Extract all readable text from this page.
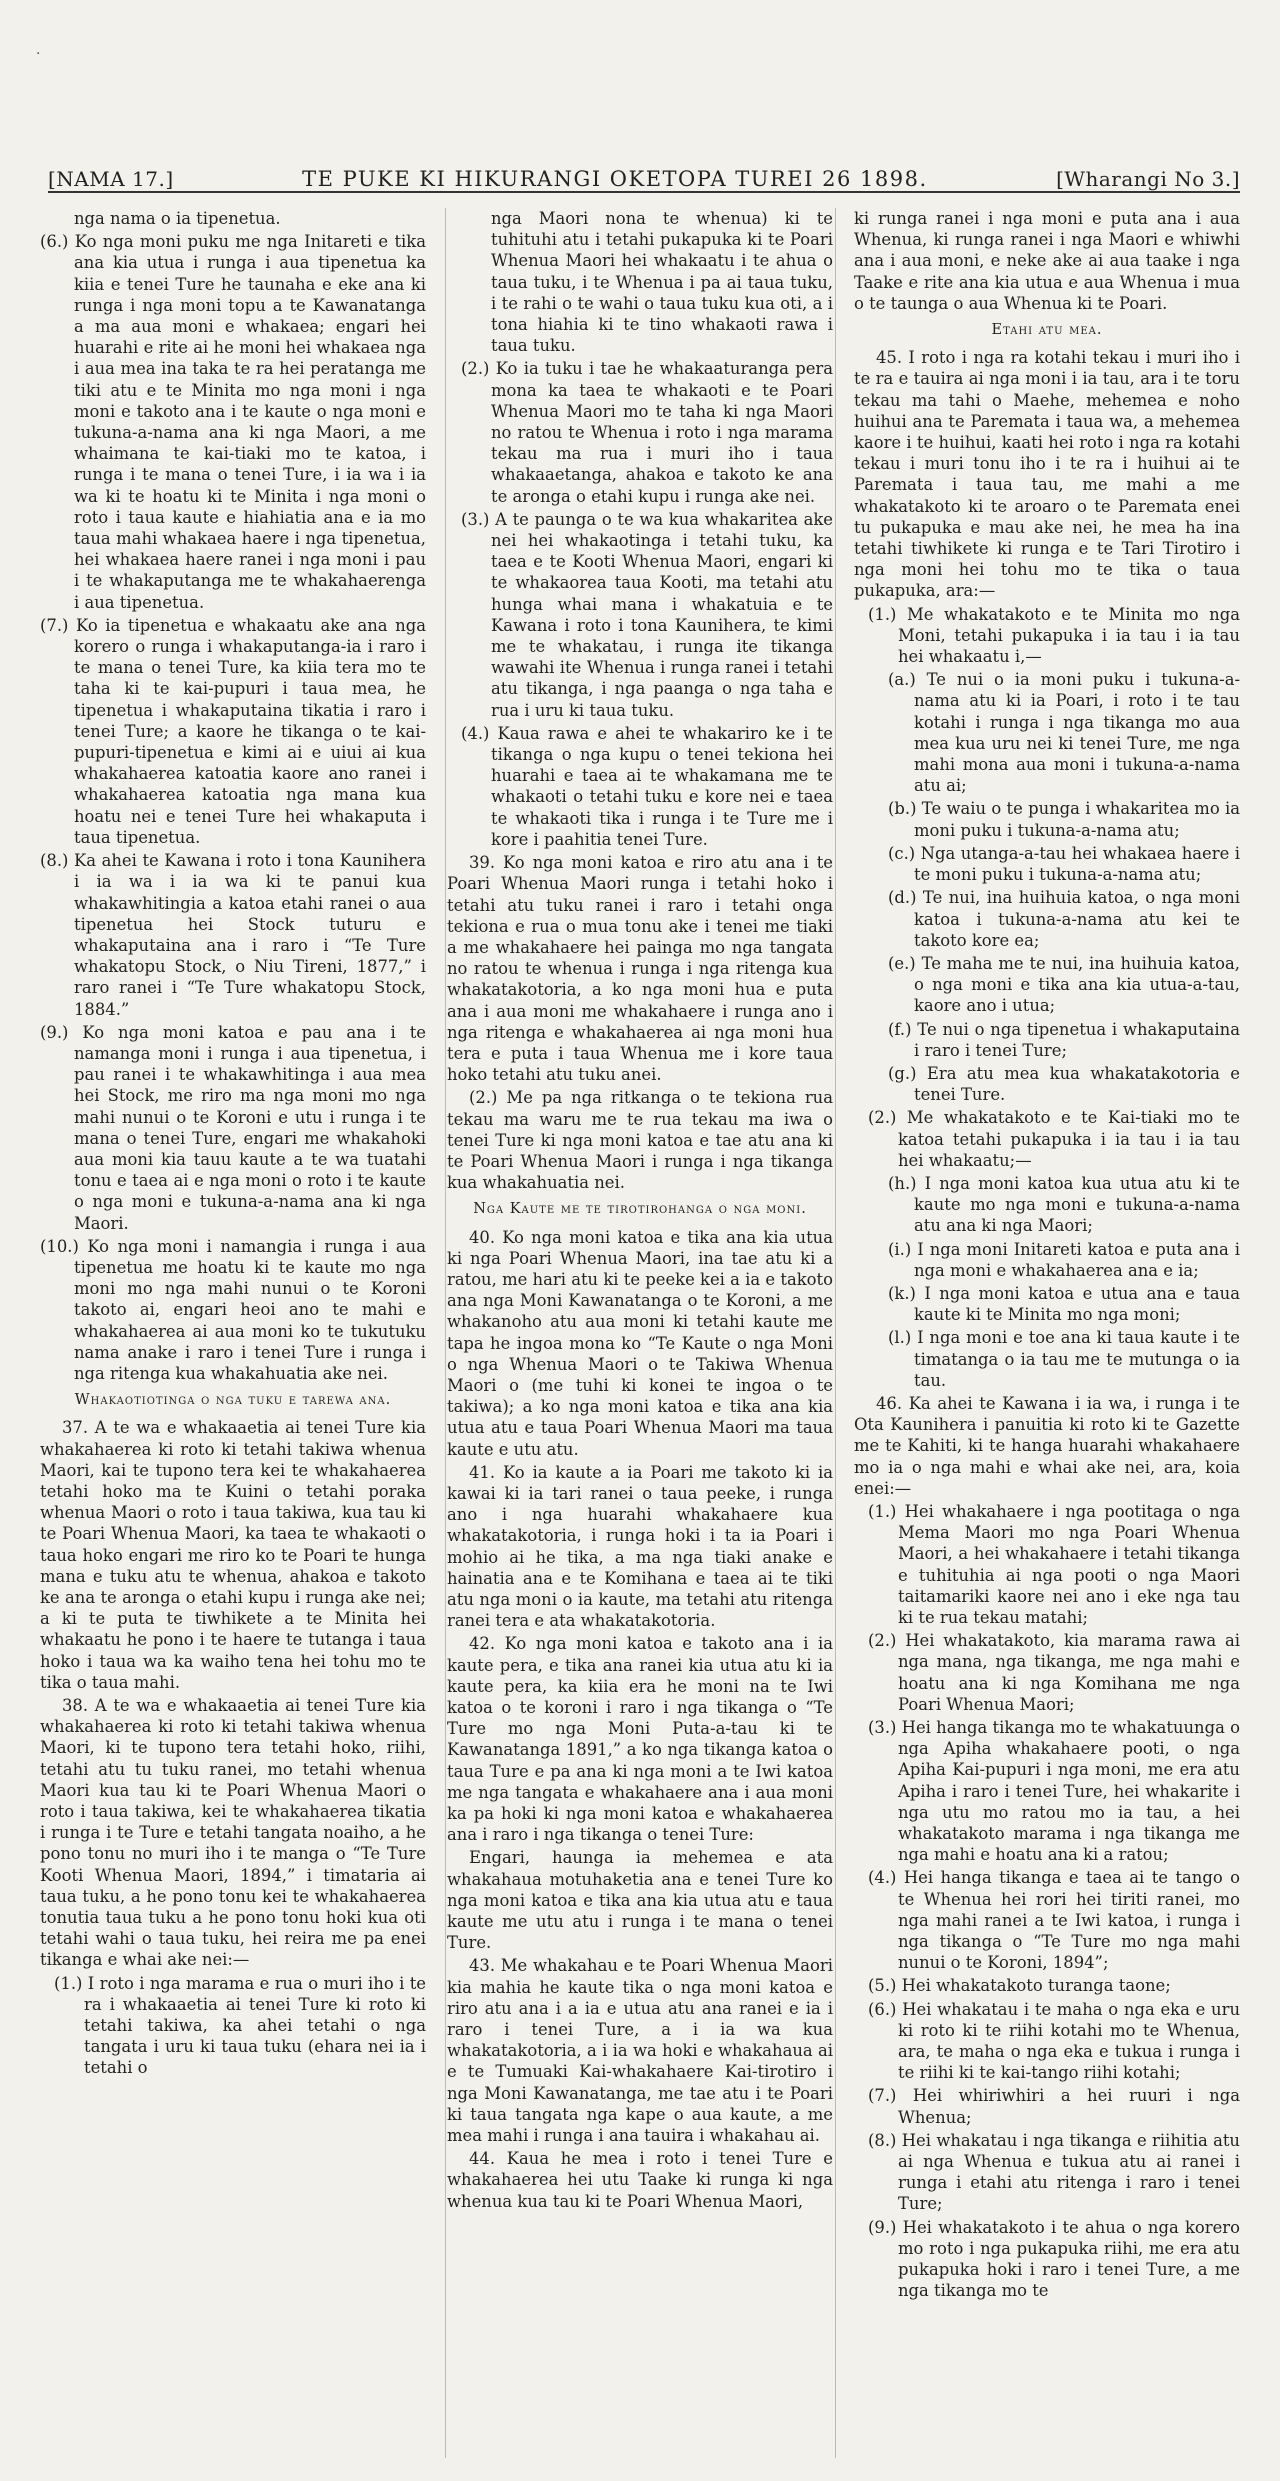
·
[NAMA 17.]	TE PUKE KI HIKURANGI OKETOPA TUREI 26 1898.	[Wharangi No 3.]

nga nama o ia tipenetua.

(6.) Ko nga moni puku me nga Initareti e tika ana kia utua i runga i aua tipenetua ka kiia e tenei Ture he taunaha e eke ana ki runga i nga moni topu a te Kawanatanga a ma aua moni e whakaea; engari hei huarahi e rite ai he moni hei whakaea nga i aua mea ina taka te ra hei peratanga me tiki atu e te Minita mo nga moni i nga moni e takoto ana i te kaute o nga moni e tukuna-a-nama ana ki nga Maori, a me whaimana te kai-tiaki mo te katoa, i runga i te mana o tenei Ture, i ia wa i ia wa ki te hoatu ki te Minita i nga moni o roto i taua kaute e hiahiatia ana e ia mo taua mahi whakaea haere i nga tipenetua, hei whakaea haere ranei i nga moni i pau i te whakaputanga me te whakahaerenga i aua tipenetua.

(7.) Ko ia tipenetua e whakaatu ake ana nga korero o runga i whakaputanga-ia i raro i te mana o tenei Ture, ka kiia tera mo te taha ki te kai-pupuri i taua mea, he tipenetua i whakaputaina tikatia i raro i tenei Ture; a kaore he tikanga o te kai-pupuri-tipenetua e kimi ai e uiui ai kua whakahaerea katoatia kaore ano ranei i whakahaerea katoatia nga mana kua hoatu nei e tenei Ture hei whakaputa i taua tipenetua.

(8.) Ka ahei te Kawana i roto i tona Kaunihera i ia wa i ia wa ki te panui kua whakawhitingia a katoa etahi ranei o aua tipenetua hei Stock tuturu e whakaputaina ana i raro i “Te Ture whakatopu Stock, o Niu Tireni, 1877,” i raro ranei i “Te Ture whakatopu Stock, 1884.”

(9.) Ko nga moni katoa e pau ana i te namanga moni i runga i aua tipenetua, i pau ranei i te whakawhitinga i aua mea hei Stock, me riro ma nga moni mo nga mahi nunui o te Koroni e utu i runga i te mana o tenei Ture, engari me whakahoki aua moni kia tauu kaute a te wa tuatahi tonu e taea ai e nga moni o roto i te kaute o nga moni e tukuna-a-nama ana ki nga Maori.

(10.) Ko nga moni i namangia i runga i aua tipenetua me hoatu ki te kaute mo nga moni mo nga mahi nunui o te Koroni takoto ai, engari heoi ano te mahi e whakahaerea ai aua moni ko te tukutuku nama anake i raro i tenei Ture i runga i nga ritenga kua whakahuatia ake nei.

Whakaotiotinga o nga tuku e tarewa ana.

37. A te wa e whakaaetia ai tenei Ture kia whakahaerea ki roto ki tetahi takiwa whenua Maori, kai te tupono tera kei te whakahaerea tetahi hoko ma te Kuini o tetahi poraka whenua Maori o roto i taua takiwa, kua tau ki te Poari Whenua Maori, ka taea te whakaoti o taua hoko engari me riro ko te Poari te hunga mana e tuku atu te whenua, ahakoa e takoto ke ana te aronga o etahi kupu i runga ake nei; a ki te puta te tiwhikete a te Minita hei whakaatu he pono i te haere te tutanga i taua hoko i taua wa ka waiho tena hei tohu mo te tika o taua mahi.

38. A te wa e whakaaetia ai tenei Ture kia whakahaerea ki roto ki tetahi takiwa whenua Maori, ki te tupono tera tetahi hoko, riihi, tetahi atu tu tuku ranei, mo tetahi whenua Maori kua tau ki te Poari Whenua Maori o roto i taua takiwa, kei te whakahaerea tikatia i runga i te Ture e tetahi tangata noaiho, a he pono tonu no muri iho i te manga o “Te Ture Kooti Whenua Maori, 1894,” i timataria ai taua tuku, a he pono tonu kei te whakahaerea tonutia taua tuku a he pono tonu hoki kua oti tetahi wahi o taua tuku, hei reira me pa enei tikanga e whai ake nei:—

(1.) I roto i nga marama e rua o muri iho i te ra i whakaaetia ai tenei Ture ki roto ki tetahi takiwa, ka ahei tetahi o nga tangata i uru ki taua tuku (ehara nei ia i tetahi o

nga Maori nona te whenua) ki te tuhituhi atu i tetahi pukapuka ki te Poari Whenua Maori hei whakaatu i te ahua o taua tuku, i te Whenua i pa ai taua tuku, i te rahi o te wahi o taua tuku kua oti, a i tona hiahia ki te tino whakaoti rawa i taua tuku.

(2.) Ko ia tuku i tae he whakaaturanga pera mona ka taea te whakaoti e te Poari Whenua Maori mo te taha ki nga Maori no ratou te Whenua i roto i nga marama tekau ma rua i muri iho i taua whakaaetanga, ahakoa e takoto ke ana te aronga o etahi kupu i runga ake nei.

(3.) A te paunga o te wa kua whakaritea ake nei hei whakaotinga i tetahi tuku, ka taea e te Kooti Whenua Maori, engari ki te whakaorea taua Kooti, ma tetahi atu hunga whai mana i whakatuia e te Kawana i roto i tona Kaunihera, te kimi me te whakatau, i runga ite tikanga wawahi ite Whenua i runga ranei i tetahi atu tikanga, i nga paanga o nga taha e rua i uru ki taua tuku.

(4.) Kaua rawa e ahei te whakariro ke i te tikanga o nga kupu o tenei tekiona hei huarahi e taea ai te whakamana me te whakaoti o tetahi tuku e kore nei e taea te whakaoti tika i runga i te Ture me i kore i paahitia tenei Ture.

39. Ko nga moni katoa e riro atu ana i te Poari Whenua Maori runga i tetahi hoko i tetahi atu tuku ranei i raro i tetahi onga tekiona e rua o mua tonu ake i tenei me tiaki a me whakahaere hei painga mo nga tangata no ratou te whenua i runga i nga ritenga kua whakatakotoria, a ko nga moni hua e puta ana i aua moni me whakahaere i runga ano i nga ritenga e whakahaerea ai nga moni hua tera e puta i taua Whenua me i kore taua hoko tetahi atu tuku anei.

(2.) Me pa nga ritkanga o te tekiona rua tekau ma waru me te rua tekau ma iwa o tenei Ture ki nga moni katoa e tae atu ana ki te Poari Whenua Maori i runga i nga tikanga kua whakahuatia nei.

Nga Kaute me te tirotirohanga o nga moni.

40. Ko nga moni katoa e tika ana kia utua ki nga Poari Whenua Maori, ina tae atu ki a ratou, me hari atu ki te peeke kei a ia e takoto ana nga Moni Kawanatanga o te Koroni, a me whakanoho atu aua moni ki tetahi kaute me tapa he ingoa mona ko “Te Kaute o nga Moni o nga Whenua Maori o te Takiwa Whenua Maori o (me tuhi ki konei te ingoa o te takiwa); a ko nga moni katoa e tika ana kia utua atu e taua Poari Whenua Maori ma taua kaute e utu atu.

41. Ko ia kaute a ia Poari me takoto ki ia kawai ki ia tari ranei o taua peeke, i runga ano i nga huarahi whakahaere kua whakatakotoria, i runga hoki i ta ia Poari i mohio ai he tika, a ma nga tiaki anake e hainatia ana e te Komihana e taea ai te tiki atu nga moni o ia kaute, ma tetahi atu ritenga ranei tera e ata whakatakotoria.

42. Ko nga moni katoa e takoto ana i ia kaute pera, e tika ana ranei kia utua atu ki ia kaute pera, ka kiia era he moni na te Iwi katoa o te koroni i raro i nga tikanga o “Te Ture mo nga Moni Puta-a-tau ki te Kawanatanga 1891,” a ko nga tikanga katoa o taua Ture e pa ana ki nga moni a te Iwi katoa me nga tangata e whakahaere ana i aua moni ka pa hoki ki nga moni katoa e whakahaerea ana i raro i nga tikanga o tenei Ture:

Engari, haunga ia mehemea e ata whakahaua motuhaketia ana e tenei Ture ko nga moni katoa e tika ana kia utua atu e taua kaute me utu atu i runga i te mana o tenei Ture.

43. Me whakahau e te Poari Whenua Maori kia mahia he kaute tika o nga moni katoa e riro atu ana i a ia e utua atu ana ranei e ia i raro i tenei Ture, a i ia wa kua whakatakotoria, a i ia wa hoki e whakahaua ai e te Tumuaki Kai-whakahaere Kai-tirotiro i nga Moni Kawanatanga, me tae atu i te Poari ki taua tangata nga kape o aua kaute, a me mea mahi i runga i ana tauira i whakahau ai.

44. Kaua he mea i roto i tenei Ture e whakahaerea hei utu Taake ki runga ki nga whenua kua tau ki te Poari Whenua Maori,

ki runga ranei i nga moni e puta ana i aua Whenua, ki runga ranei i nga Maori e whiwhi ana i aua moni, e neke ake ai aua taake i nga Taake e rite ana kia utua e aua Whenua i mua o te taunga o aua Whenua ki te Poari.

Etahi atu mea.

45. I roto i nga ra kotahi tekau i muri iho i te ra e tauira ai nga moni i ia tau, ara i te toru tekau ma tahi o Maehe, mehemea e noho huihui ana te Paremata i taua wa, a mehemea kaore i te huihui, kaati hei roto i nga ra kotahi tekau i muri tonu iho i te ra i huihui ai te Paremata i taua tau, me mahi a me whakatakoto ki te aroaro o te Paremata enei tu pukapuka e mau ake nei, he mea ha ina tetahi tiwhikete ki runga e te Tari Tirotiro i nga moni hei tohu mo te tika o taua pukapuka, ara:—

(1.) Me whakatakoto e te Minita mo nga Moni, tetahi pukapuka i ia tau i ia tau hei whakaatu i,—

(a.) Te nui o ia moni puku i tukuna-a-nama atu ki ia Poari, i roto i te tau kotahi i runga i nga tikanga mo aua mea kua uru nei ki tenei Ture, me nga mahi mona aua moni i tukuna-a-nama atu ai;

(b.) Te waiu o te punga i whakaritea mo ia moni puku i tukuna-a-nama atu;

(c.) Nga utanga-a-tau hei whakaea haere i te moni puku i tukuna-a-nama atu;

(d.) Te nui, ina huihuia katoa, o nga moni katoa i tukuna-a-nama atu kei te takoto kore ea;

(e.) Te maha me te nui, ina huihuia katoa, o nga moni e tika ana kia utua-a-tau, kaore ano i utua;

(f.) Te nui o nga tipenetua i whakaputaina i raro i tenei Ture;

(g.) Era atu mea kua whakatakotoria e tenei Ture.

(2.) Me whakatakoto e te Kai-tiaki mo te katoa tetahi pukapuka i ia tau i ia tau hei whakaatu;—

(h.) I nga moni katoa kua utua atu ki te kaute mo nga moni e tukuna-a-nama atu ana ki nga Maori;

(i.) I nga moni Initareti katoa e puta ana i nga moni e whakahaerea ana e ia;

(k.) I nga moni katoa e utua ana e taua kaute ki te Minita mo nga moni;

(l.) I nga moni e toe ana ki taua kaute i te timatanga o ia tau me te mutunga o ia tau.

46. Ka ahei te Kawana i ia wa, i runga i te Ota Kaunihera i panuitia ki roto ki te Gazette me te Kahiti, ki te hanga huarahi whakahaere mo ia o nga mahi e whai ake nei, ara, koia enei:—

(1.) Hei whakahaere i nga pootitaga o nga Mema Maori mo nga Poari Whenua Maori, a hei whakahaere i tetahi tikanga e tuhituhia ai nga pooti o nga Maori taitamariki kaore nei ano i eke nga tau ki te rua tekau matahi;

(2.) Hei whakatakoto, kia marama rawa ai nga mana, nga tikanga, me nga mahi e hoatu ana ki nga Komihana me nga Poari Whenua Maori;

(3.) Hei hanga tikanga mo te whakatuunga o nga Apiha whakahaere pooti, o nga Apiha Kai-pupuri i nga moni, me era atu Apiha i raro i tenei Ture, hei whakarite i nga utu mo ratou mo ia tau, a hei whakatakoto marama i nga tikanga me nga mahi e hoatu ana ki a ratou;

(4.) Hei hanga tikanga e taea ai te tango o te Whenua hei rori hei tiriti ranei, mo nga mahi ranei a te Iwi katoa, i runga i nga tikanga o “Te Ture mo nga mahi nunui o te Koroni, 1894”;

(5.) Hei whakatakoto turanga taone;

(6.) Hei whakatau i te maha o nga eka e uru ki roto ki te riihi kotahi mo te Whenua, ara, te maha o nga eka e tukua i runga i te riihi ki te kai-tango riihi kotahi;

(7.) Hei whiriwhiri a hei ruuri i nga Whenua;

(8.) Hei whakatau i nga tikanga e riihitia atu ai nga Whenua e tukua atu ai ranei i runga i etahi atu ritenga i raro i tenei Ture;

(9.) Hei whakatakoto i te ahua o nga korero mo roto i nga pukapuka riihi, me era atu pukapuka hoki i raro i tenei Ture, a me nga tikanga mo te
